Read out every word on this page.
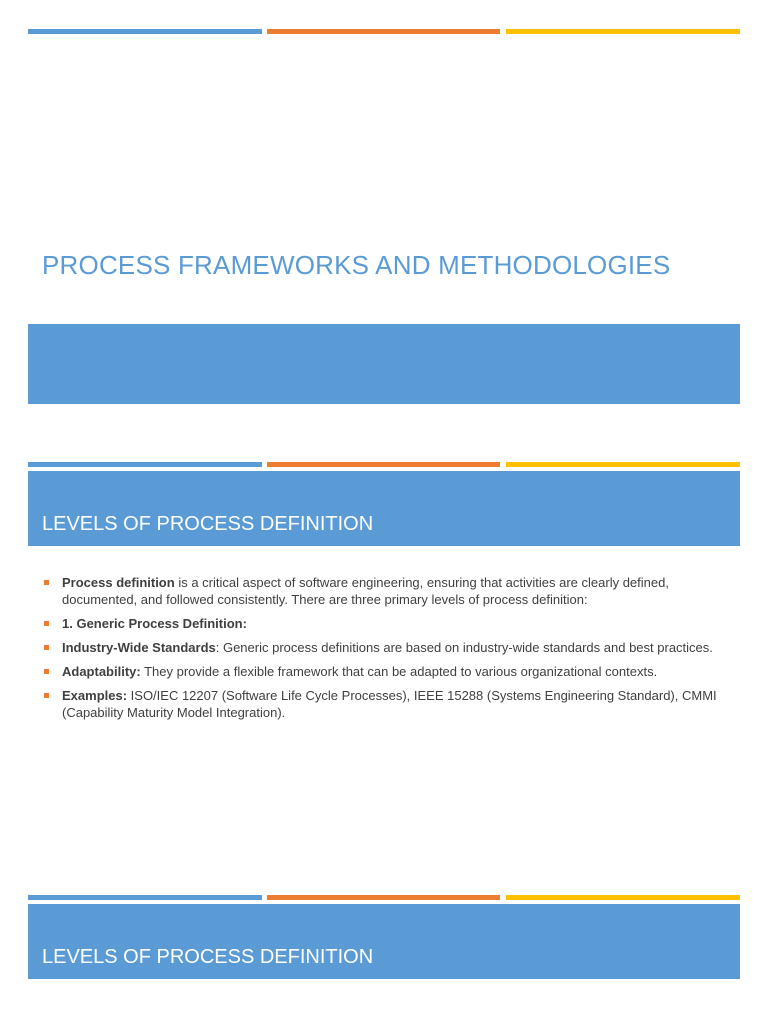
PROCESS FRAMEWORKS AND METHODOLOGIES
LEVELS OF PROCESS DEFINITION
Process definition is a critical aspect of software engineering, ensuring that activities are clearly defined, documented, and followed consistently. There are three primary levels of process definition:
1. Generic Process Definition:
Industry-Wide Standards: Generic process definitions are based on industry-wide standards and best practices.
Adaptability: They provide a flexible framework that can be adapted to various organizational contexts.
Examples: ISO/IEC 12207 (Software Life Cycle Processes), IEEE 15288 (Systems Engineering Standard), CMMI (Capability Maturity Model Integration).
LEVELS OF PROCESS DEFINITION
